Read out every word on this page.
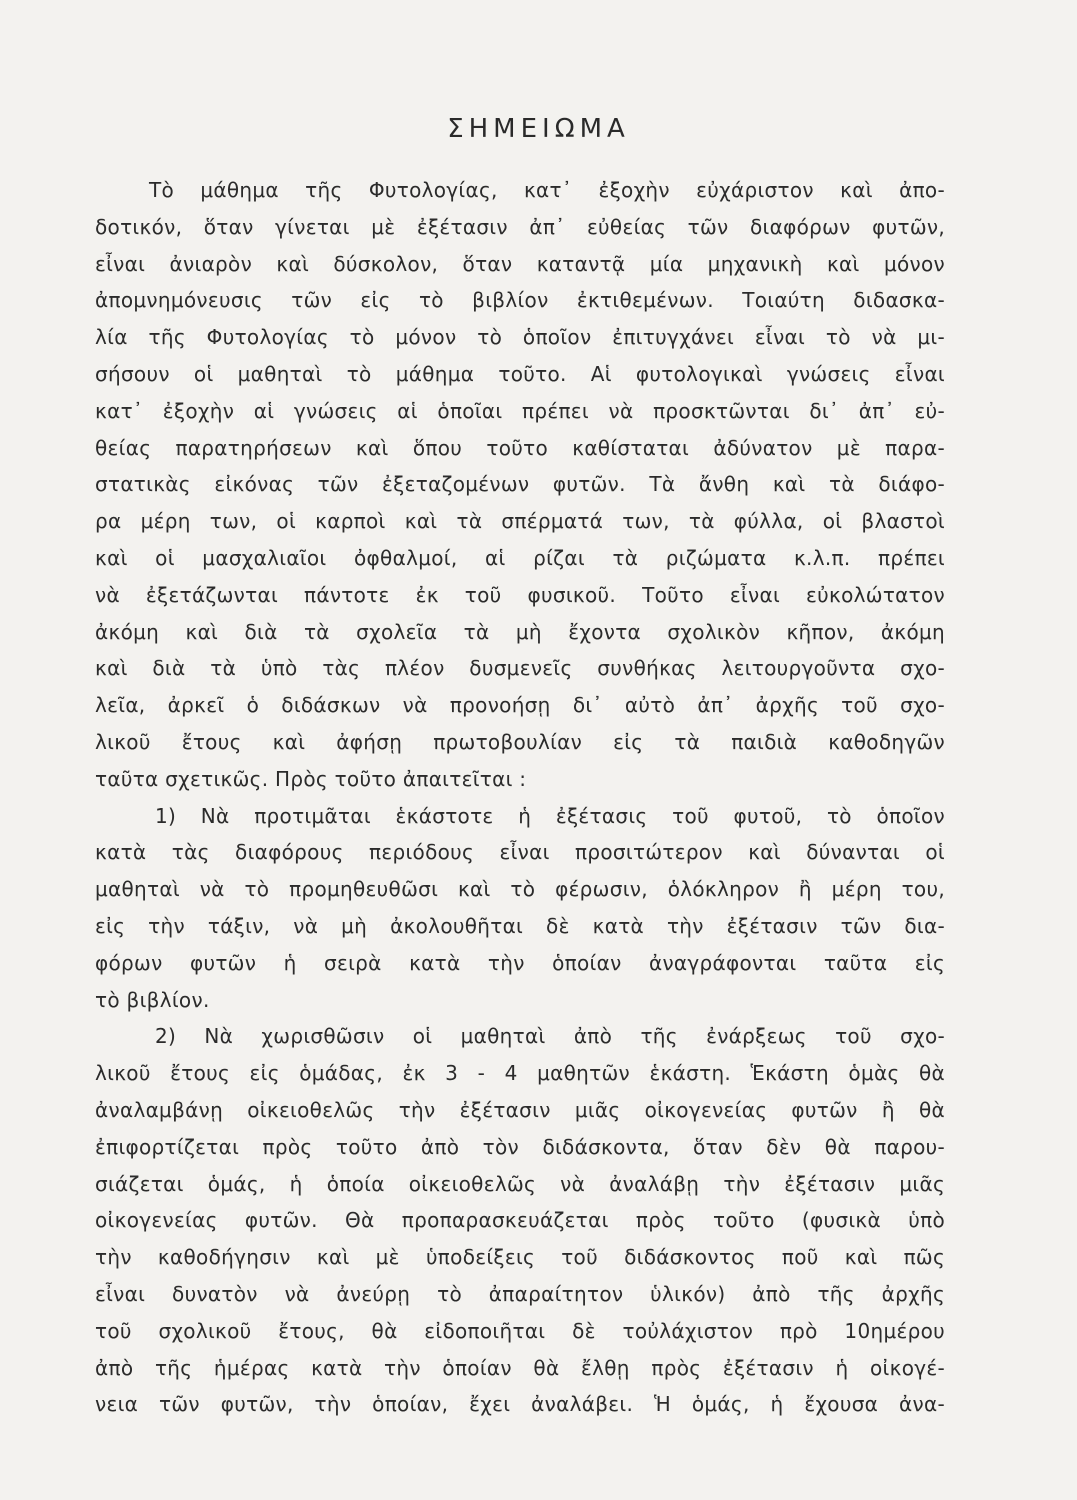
ΣΗΜΕΙΩΜΑ
Τὸ μάθημα τῆς Φυτολογίας, κατ᾽ ἐξοχὴν εὐχάριστον καὶ ἀπο-
δοτικόν, ὅταν γίνεται μὲ ἐξέτασιν ἀπ᾽ εὐθείας τῶν διαφόρων φυτῶν,
εἶναι ἀνιαρὸν καὶ δύσκολον, ὅταν καταντᾷ μία μηχανικὴ καὶ μόνον
ἀπομνημόνευσις τῶν εἰς τὸ βιβλίον ἐκτιθεμένων. Τοιαύτη διδασκα-
λία τῆς Φυτολογίας τὸ μόνον τὸ ὁποῖον ἐπιτυγχάνει εἶναι τὸ νὰ μι-
σήσουν οἱ μαθηταὶ τὸ μάθημα τοῦτο. Αἱ φυτολογικαὶ γνώσεις εἶναι
κατ᾽ ἐξοχὴν αἱ γνώσεις αἱ ὁποῖαι πρέπει νὰ προσκτῶνται δι᾽ ἀπ᾽ εὐ-
θείας παρατηρήσεων καὶ ὅπου τοῦτο καθίσταται ἀδύνατον μὲ παρα-
στατικὰς εἰκόνας τῶν ἐξεταζομένων φυτῶν. Τὰ ἄνθη καὶ τὰ διάφο-
ρα μέρη των, οἱ καρποὶ καὶ τὰ σπέρματά των, τὰ φύλλα, οἱ βλαστοὶ
καὶ οἱ μασχαλιαῖοι ὀφθαλμοί, αἱ ρίζαι τὰ ριζώματα κ.λ.π. πρέπει
νὰ ἐξετάζωνται πάντοτε ἐκ τοῦ φυσικοῦ. Τοῦτο εἶναι εὐκολώτατον
ἀκόμη καὶ διὰ τὰ σχολεῖα τὰ μὴ ἔχοντα σχολικὸν κῆπον, ἀκόμη
καὶ διὰ τὰ ὑπὸ τὰς πλέον δυσμενεῖς συνθήκας λειτουργοῦντα σχο-
λεῖα, ἀρκεῖ ὁ διδάσκων νὰ προνοήσῃ δι᾽ αὐτὸ ἀπ᾽ ἀρχῆς τοῦ σχο-
λικοῦ ἔτους καὶ ἀφήσῃ πρωτοβουλίαν εἰς τὰ παιδιὰ καθοδηγῶν
ταῦτα σχετικῶς. Πρὸς τοῦτο ἀπαιτεῖται :
1) Νὰ προτιμᾶται ἑκάστοτε ἡ ἐξέτασις τοῦ φυτοῦ, τὸ ὁποῖον
κατὰ τὰς διαφόρους περιόδους εἶναι προσιτώτερον καὶ δύνανται οἱ
μαθηταὶ νὰ τὸ προμηθευθῶσι καὶ τὸ φέρωσιν, ὁλόκληρον ἢ μέρη του,
εἰς τὴν τάξιν, νὰ μὴ ἀκολουθῆται δὲ κατὰ τὴν ἐξέτασιν τῶν δια-
φόρων φυτῶν ἡ σειρὰ κατὰ τὴν ὁποίαν ἀναγράφονται ταῦτα εἰς
τὸ βιβλίον.
2) Νὰ χωρισθῶσιν οἱ μαθηταὶ ἀπὸ τῆς ἐνάρξεως τοῦ σχο-
λικοῦ ἔτους εἰς ὁμάδας, ἐκ 3 - 4 μαθητῶν ἑκάστη. Ἑκάστη ὁμὰς θὰ
ἀναλαμβάνῃ οἰκειοθελῶς τὴν ἐξέτασιν μιᾶς οἰκογενείας φυτῶν ἢ θὰ
ἐπιφορτίζεται πρὸς τοῦτο ἀπὸ τὸν διδάσκοντα, ὅταν δὲν θὰ παρου-
σιάζεται ὁμάς, ἡ ὁποία οἰκειοθελῶς νὰ ἀναλάβῃ τὴν ἐξέτασιν μιᾶς
οἰκογενείας φυτῶν. Θὰ προπαρασκευάζεται πρὸς τοῦτο (φυσικὰ ὑπὸ
τὴν καθοδήγησιν καὶ μὲ ὑποδείξεις τοῦ διδάσκοντος ποῦ καὶ πῶς
εἶναι δυνατὸν νὰ ἀνεύρῃ τὸ ἀπαραίτητον ὑλικόν) ἀπὸ τῆς ἀρχῆς
τοῦ σχολικοῦ ἔτους, θὰ εἰδοποιῆται δὲ τοὐλάχιστον πρὸ 10ημέρου
ἀπὸ τῆς ἡμέρας κατὰ τὴν ὁποίαν θὰ ἔλθῃ πρὸς ἐξέτασιν ἡ οἰκογέ-
νεια τῶν φυτῶν, τὴν ὁποίαν, ἔχει ἀναλάβει. Ἡ ὁμάς, ἡ ἔχουσα ἀνα-
